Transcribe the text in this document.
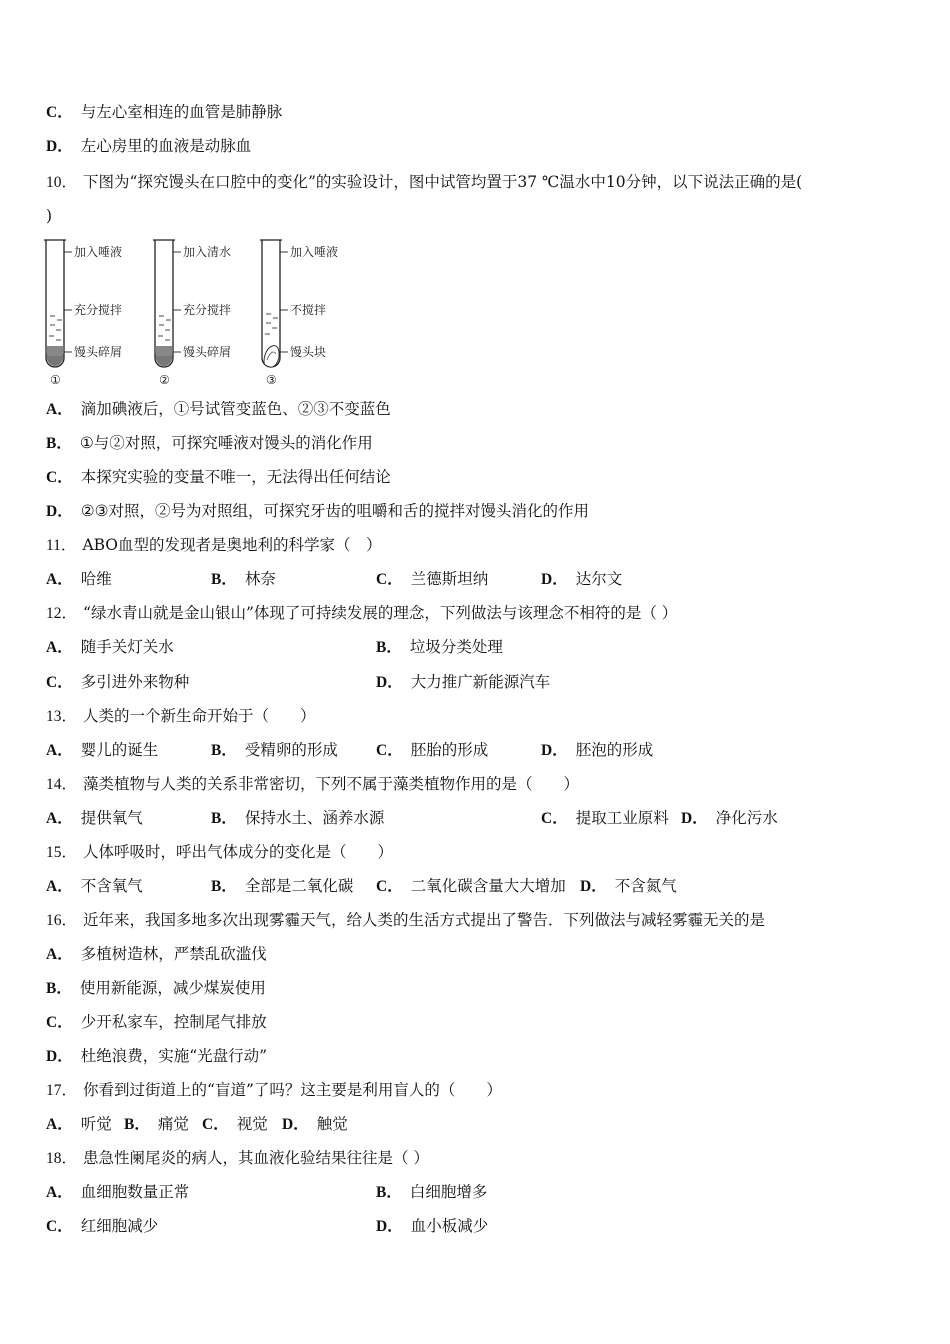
C． 与左心室相连的血管是肺静脉
D． 左心房里的血液是动脉血
10． 下图为“探究馒头在口腔中的变化”的实验设计，图中试管均置于37 ℃温水中10分钟，以下说法正确的是(
)
加入唾液
充分搅拌
馒头碎屑
①
加入清水
充分搅拌
馒头碎屑
②
加入唾液
不搅拌
馒头块
③
A． 滴加碘液后，①号试管变蓝色、②③不变蓝色
B． ①与②对照，可探究唾液对馒头的消化作用
C． 本探究实验的变量不唯一，无法得出任何结论
D． ②③对照，②号为对照组，可探究牙齿的咀嚼和舌的搅拌对馒头消化的作用
11． ABO血型的发现者是奥地利的科学家（　）
A． 哈维	B． 林奈	C． 兰德斯坦纳	D． 达尔文
12． “绿水青山就是金山银山”体现了可持续发展的理念，下列做法与该理念不相符的是（ ）
A． 随手关灯关水	B． 垃圾分类处理
C． 多引进外来物种	D． 大力推广新能源汽车
13． 人类的一个新生命开始于（　　）
A． 婴儿的诞生	B． 受精卵的形成 C． 胚胎的形成	D． 胚泡的形成
14． 藻类植物与人类的关系非常密切，下列不属于藻类植物作用的是（　　）
A． 提供氧气	B． 保持水土、涵养水源	C． 提取工业原料 D． 净化污水
15． 人体呼吸时，呼出气体成分的变化是（　　）
A． 不含氧气	B． 全部是二氧化碳 C． 二氧化碳含量大大增加 D． 不含氮气
16． 近年来，我国多地多次出现雾霾天气，给人类的生活方式提出了警告．下列做法与减轻雾霾无关的是
A． 多植树造林，严禁乱砍滥伐
B． 使用新能源，减少煤炭使用
C． 少开私家车，控制尾气排放
D． 杜绝浪费，实施“光盘行动”
17． 你看到过街道上的“盲道”了吗？这主要是利用盲人的（　　）
A． 听觉 B． 痛觉 C． 视觉 D． 触觉
18． 患急性阑尾炎的病人，其血液化验结果往往是（ ）
A． 血细胞数量正常	B． 白细胞增多
C． 红细胞减少	D． 血小板减少
